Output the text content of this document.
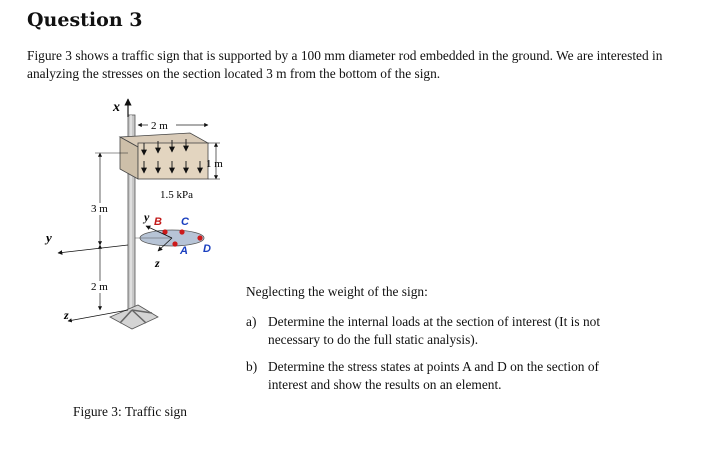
Question 3

Figure 3 shows a traffic sign that is supported by a 100 mm diameter rod embedded in the ground. We are interested in analyzing the stresses on the section located 3 m from the bottom of the sign.

x
2 m
1 m
1.5 kPa
3 m
2 m
y
y
z
A
B C
D
z

Figure 3: Traffic sign

Neglecting the weight of the sign:

a) Determine the internal loads at the section of interest (It is not necessary to do the full static analysis).
b) Determine the stress states at points A and D on the section of interest and show the results on an element.
